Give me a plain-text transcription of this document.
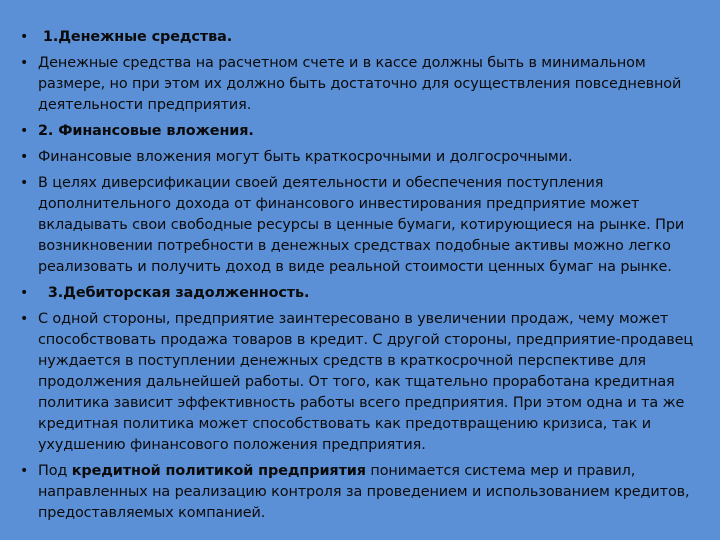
• 1.Денежные средства.
• Денежные средства на расчетном счете и в кассе должны быть в минимальном размере, но при этом их должно быть достаточно для осуществления повседневной деятельности предприятия.
• 2. Финансовые вложения.
• Финансовые вложения могут быть краткосрочными и долгосрочными.
• В целях диверсификации своей деятельности и обеспечения поступления дополнительного дохода от финансового инвестирования предприятие может вкладывать свои свободные ресурсы в ценные бумаги, котирующиеся на рынке. При возникновении потребности в денежных средствах подобные активы можно легко реализовать и получить доход в виде реальной стоимости ценных бумаг на рынке.
• 3.Дебиторская задолженность.
• С одной стороны, предприятие заинтересовано в увеличении продаж, чему может способствовать продажа товаров в кредит. С другой стороны, предприятие-продавец нуждается в поступлении денежных средств в краткосрочной перспективе для продолжения дальнейшей работы. От того, как тщательно проработана кредитная политика зависит эффективность работы всего предприятия. При этом одна и та же кредитная политика может способствовать как предотвращению кризиса, так и ухудшению финансового положения предприятия.
• Под кредитной политикой предприятия понимается система мер и правил, направленных на реализацию контроля за проведением и использованием кредитов, предоставляемых компанией.
